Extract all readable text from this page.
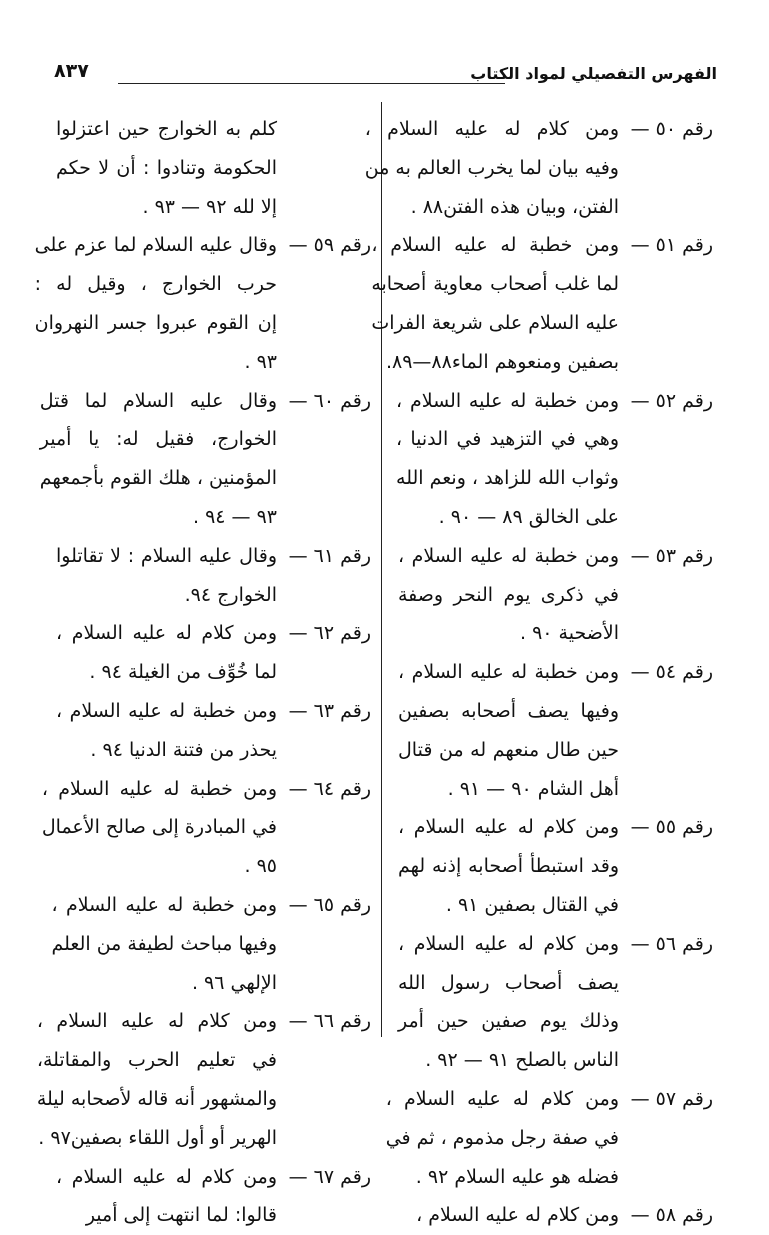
الفهرس التفصيلي لمواد الكتاب
٨٣٧
رقم ٥٠ —
ومن كلام له عليه السلام ،
وفيه بيان لما يخرب العالم به من
الفتن، وبيان هذه الفتن٨٨ .
رقم ٥١ —
ومن خطبة له عليه السلام ،
لما غلب أصحاب معاوية أصحابه
عليه السلام على شريعة الفرات
بصفين ومنعوهم الماء٨٨—٨٩.
رقم ٥٢ —
ومن خطبة له عليه السلام ،
وهي في التزهيد في الدنيا ،
وثواب الله للزاهد ، ونعم الله
على الخالق ٨٩ — ٩٠ .
رقم ٥٣ —
ومن خطبة له عليه السلام ،
في ذكرى يوم النحر وصفة
الأضحية ٩٠ .
رقم ٥٤ —
ومن خطبة له عليه السلام ،
وفيها يصف أصحابه بصفين
حين طال منعهم له من قتال
أهل الشام ٩٠ — ٩١ .
رقم ٥٥ —
ومن كلام له عليه السلام ،
وقد استبطأ أصحابه إذنه لهم
في القتال بصفين ٩١ .
رقم ٥٦ —
ومن كلام له عليه السلام ،
يصف أصحاب رسول الله
وذلك يوم صفين حين أمر
الناس بالصلح ٩١ — ٩٢ .
رقم ٥٧ —
ومن كلام له عليه السلام ،
في صفة رجل مذموم ، ثم في
فضله هو عليه السلام ٩٢ .
رقم ٥٨ —
ومن كلام له عليه السلام ،
كلم به الخوارج حين اعتزلوا
الحكومة وتنادوا : أن لا حكم
إلا لله ٩٢ — ٩٣ .
رقم ٥٩ —
وقال عليه السلام لما عزم على
حرب الخوارج ، وقيل له :
إن القوم عبروا جسر النهروان
٩٣ .
رقم ٦٠ —
وقال عليه السلام لما قتل
الخوارج، فقيل له: يا أمير
المؤمنين ، هلك القوم بأجمعهم
٩٣ — ٩٤ .
رقم ٦١ —
وقال عليه السلام : لا تقاتلوا
الخوارج ٩٤.
رقم ٦٢ —
ومن كلام له عليه السلام ،
لما خُوِّف من الغيلة ٩٤ .
رقم ٦٣ —
ومن خطبة له عليه السلام ،
يحذر من فتنة الدنيا ٩٤ .
رقم ٦٤ —
ومن خطبة له عليه السلام ،
في المبادرة إلى صالح الأعمال
٩٥ .
رقم ٦٥ —
ومن خطبة له عليه السلام ،
وفيها مباحث لطيفة من العلم
الإلهي ٩٦ .
رقم ٦٦ —
ومن كلام له عليه السلام ،
في تعليم الحرب والمقاتلة،
والمشهور أنه قاله لأصحابه ليلة
الهرير أو أول اللقاء بصفين٩٧ .
رقم ٦٧ —
ومن كلام له عليه السلام ،
قالوا: لما انتهت إلى أمير
